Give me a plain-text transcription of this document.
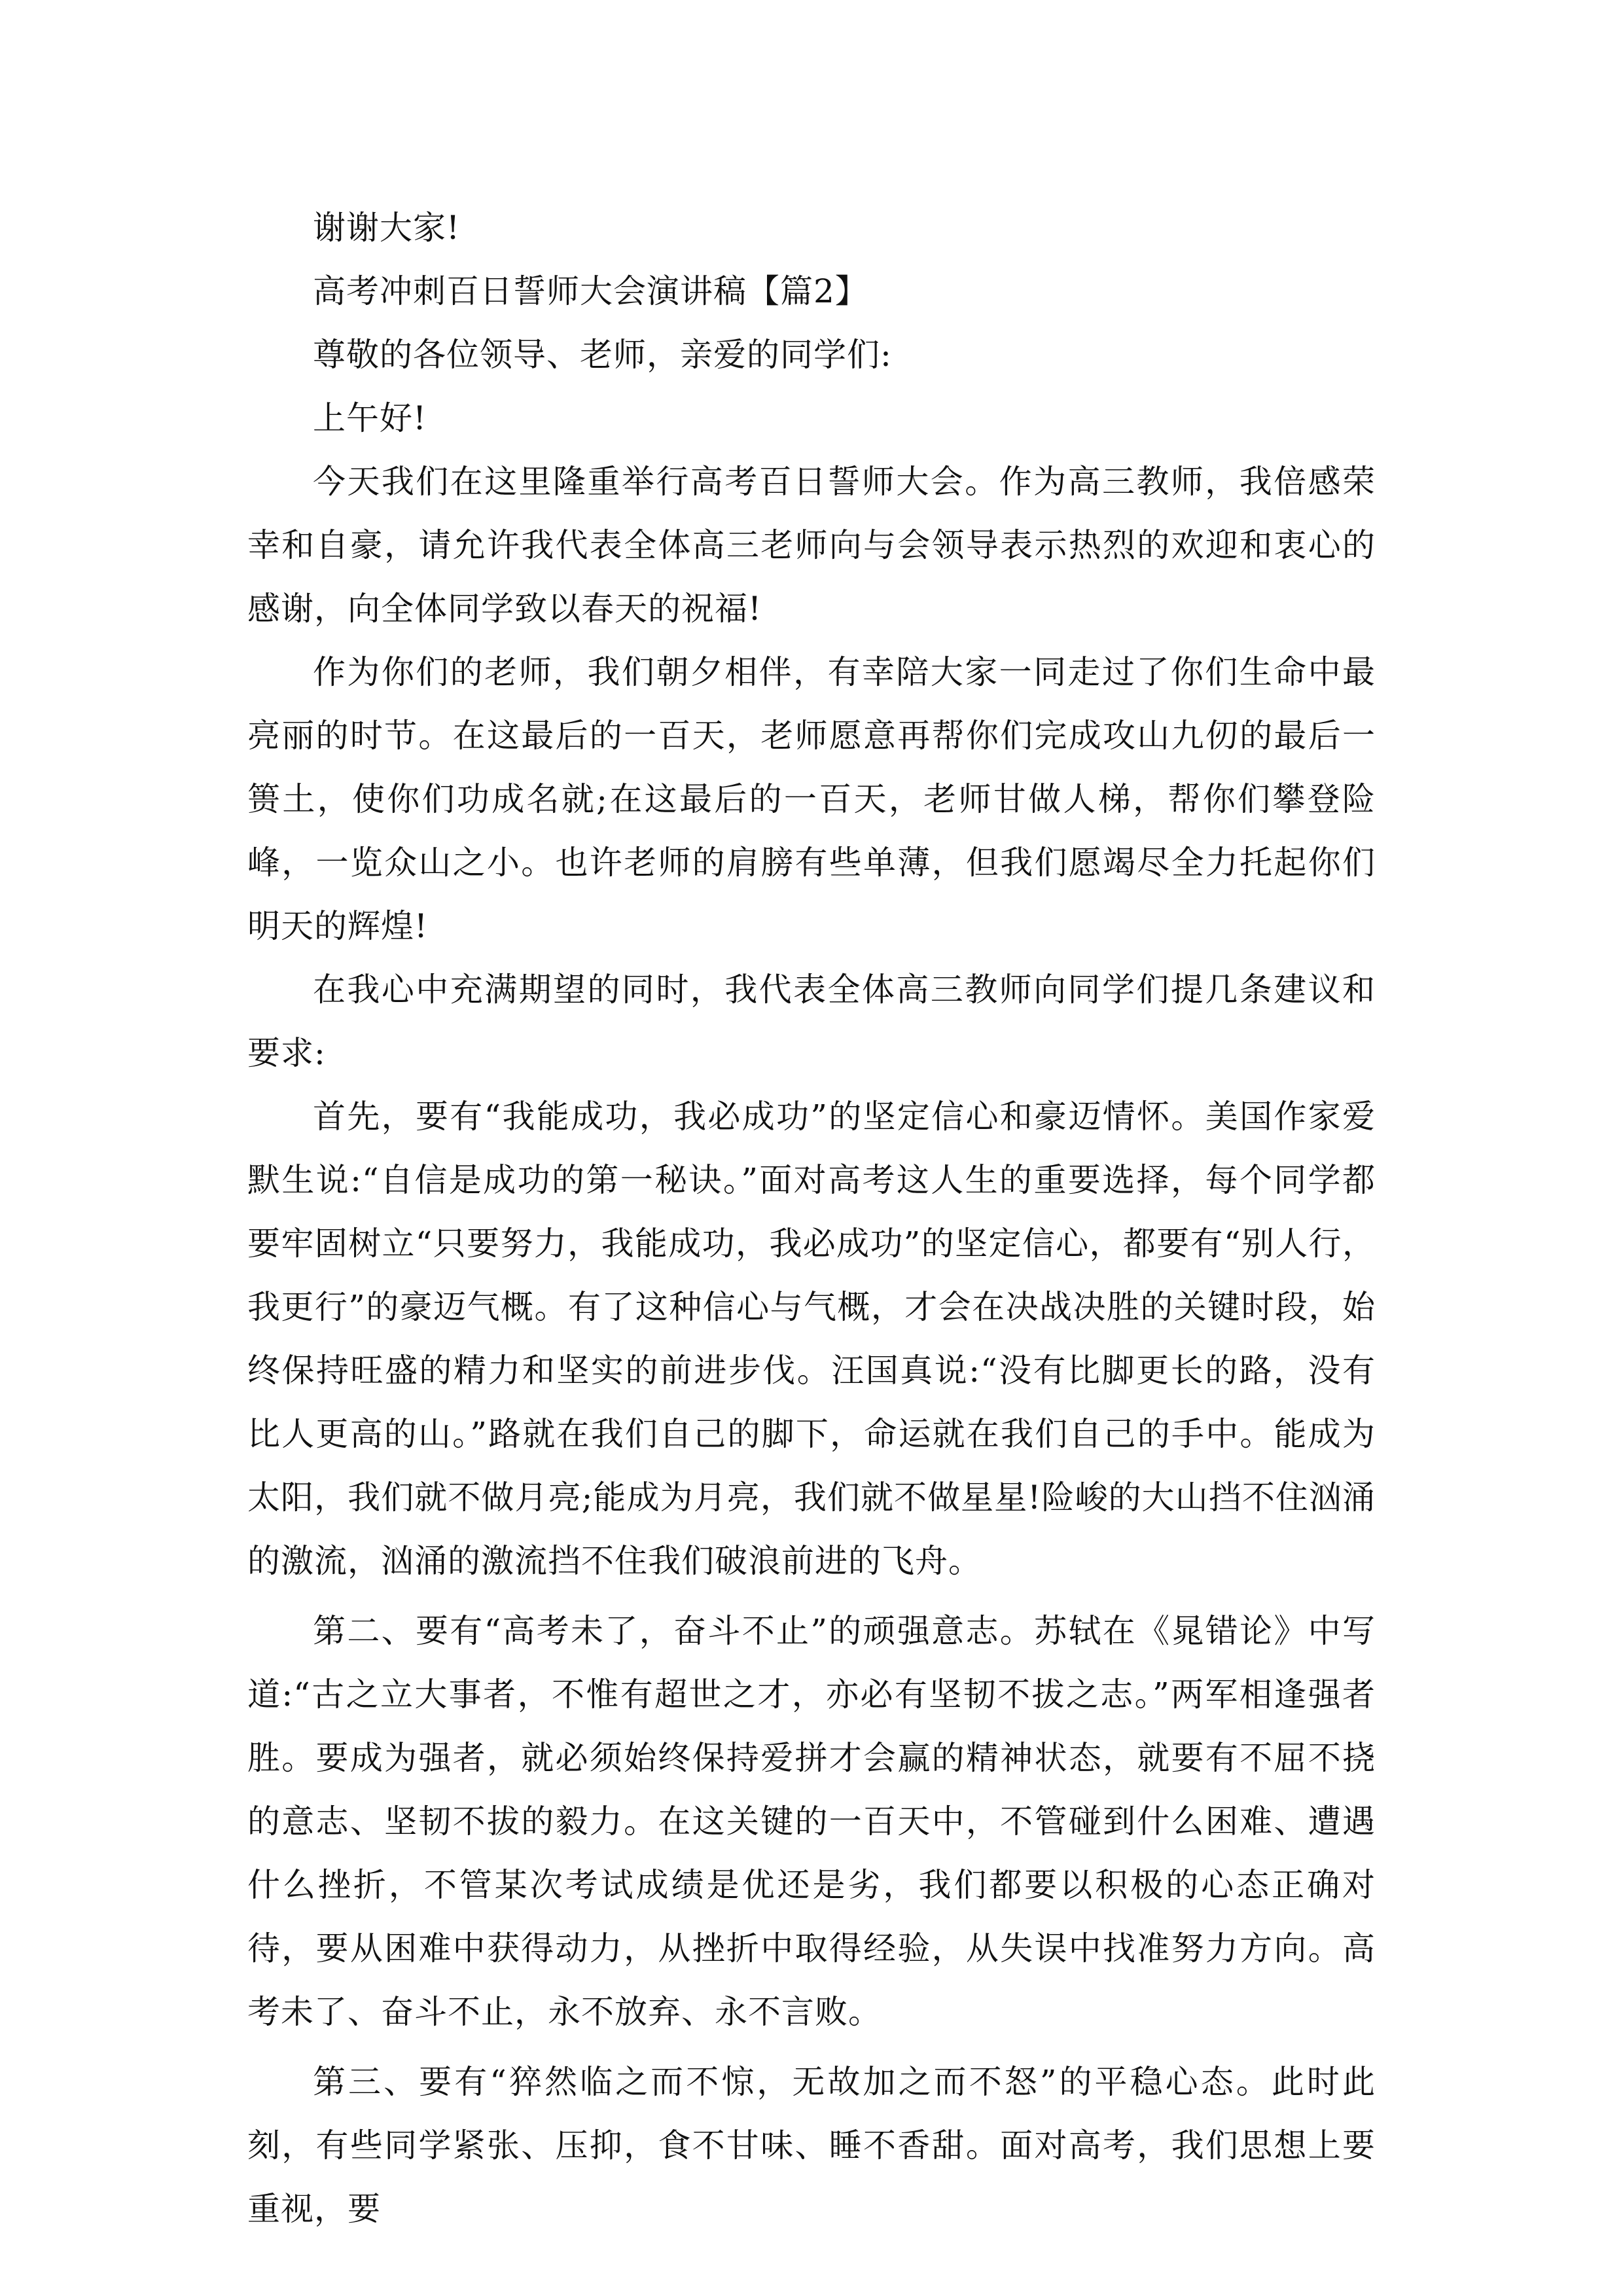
谢谢大家!

高考冲刺百日誓师大会演讲稿【篇2】

尊敬的各位领导、老师，亲爱的同学们:

上午好!

今天我们在这里隆重举行高考百日誓师大会。作为高三教师，我倍感荣幸和自豪，请允许我代表全体高三老师向与会领导表示热烈的欢迎和衷心的感谢，向全体同学致以春天的祝福!

作为你们的老师，我们朝夕相伴，有幸陪大家一同走过了你们生命中最亮丽的时节。在这最后的一百天，老师愿意再帮你们完成攻山九仞的最后一篑土，使你们功成名就;在这最后的一百天，老师甘做人梯，帮你们攀登险峰，一览众山之小。也许老师的肩膀有些单薄，但我们愿竭尽全力托起你们明天的辉煌!

在我心中充满期望的同时，我代表全体高三教师向同学们提几条建议和要求:

首先，要有“我能成功，我必成功”的坚定信心和豪迈情怀。美国作家爱默生说:“自信是成功的第一秘诀。”面对高考这人生的重要选择，每个同学都要牢固树立“只要努力，我能成功，我必成功”的坚定信心，都要有“别人行，我更行”的豪迈气概。有了这种信心与气概，才会在决战决胜的关键时段，始终保持旺盛的精力和坚实的前进步伐。汪国真说:“没有比脚更长的路，没有比人更高的山。”路就在我们自己的脚下，命运就在我们自己的手中。能成为太阳，我们就不做月亮;能成为月亮，我们就不做星星!险峻的大山挡不住汹涌的激流，汹涌的激流挡不住我们破浪前进的飞舟。

第二、要有“高考未了，奋斗不止”的顽强意志。苏轼在《晁错论》中写道:“古之立大事者，不惟有超世之才，亦必有坚韧不拔之志。”两军相逢强者胜。要成为强者，就必须始终保持爱拼才会赢的精神状态，就要有不屈不挠的意志、坚韧不拔的毅力。在这关键的一百天中，不管碰到什么困难、遭遇什么挫折，不管某次考试成绩是优还是劣，我们都要以积极的心态正确对待，要从困难中获得动力，从挫折中取得经验，从失误中找准努力方向。高考未了、奋斗不止，永不放弃、永不言败。

第三、要有“猝然临之而不惊，无故加之而不怒”的平稳心态。此时此刻，有些同学紧张、压抑，食不甘味、睡不香甜。面对高考，我们思想上要重视，要
